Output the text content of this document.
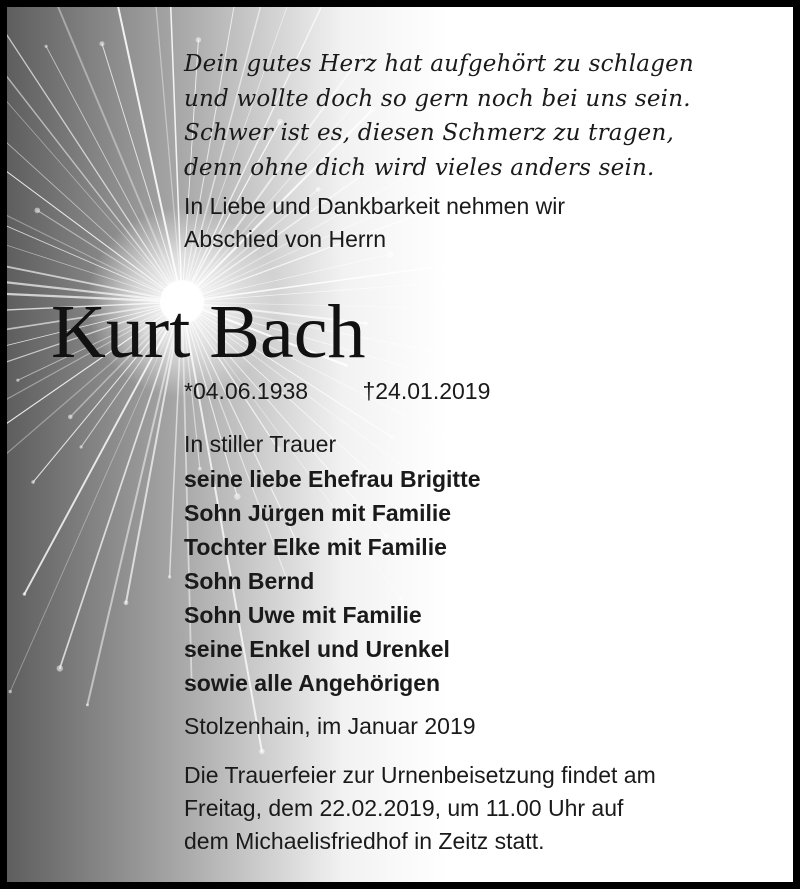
Dein gutes Herz hat aufgehört zu schlagen
und wollte doch so gern noch bei uns sein.
Schwer ist es, diesen Schmerz zu tragen,
denn ohne dich wird vieles anders sein.
In Liebe und Dankbarkeit nehmen wir
Abschied von Herrn
Kurt Bach
*04.06.1938 †24.01.2019
In stiller Trauer
seine liebe Ehefrau Brigitte
Sohn Jürgen mit Familie
Tochter Elke mit Familie
Sohn Bernd
Sohn Uwe mit Familie
seine Enkel und Urenkel
sowie alle Angehörigen
Stolzenhain, im Januar 2019
Die Trauerfeier zur Urnenbeisetzung findet am
Freitag, dem 22.02.2019, um 11.00 Uhr auf
dem Michaelisfriedhof in Zeitz statt.
